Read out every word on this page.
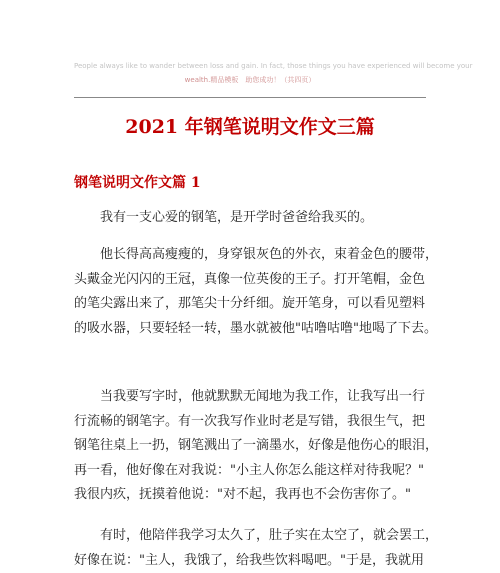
People always like to wander between loss and gain. In fact, those things you have experienced will become your
wealth.精品模板　助您成功！（共四页）
2021 年钢笔说明文作文三篇
钢笔说明文作文篇 1
　　我有一支心爱的钢笔，是开学时爸爸给我买的。
　　他长得高高瘦瘦的，身穿银灰色的外衣，束着金色的腰带，
头戴金光闪闪的王冠，真像一位英俊的王子。打开笔帽，金色
的笔尖露出来了，那笔尖十分纤细。旋开笔身，可以看见塑料
的吸水器，只要轻轻一转，墨水就被他"咕噜咕噜"地喝了下去。
　　当我要写字时，他就默默无闻地为我工作，让我写出一行
行流畅的钢笔字。有一次我写作业时老是写错，我很生气，把
钢笔往桌上一扔，钢笔溅出了一滴墨水，好像是他伤心的眼泪，
再一看，他好像在对我说："小主人你怎么能这样对待我呢？"
我很内疚，抚摸着他说："对不起，我再也不会伤害你了。"
　　有时，他陪伴我学习太久了，肚子实在太空了，就会罢工，
好像在说："主人，我饿了，给我些饮料喝吧。"于是，我就用
